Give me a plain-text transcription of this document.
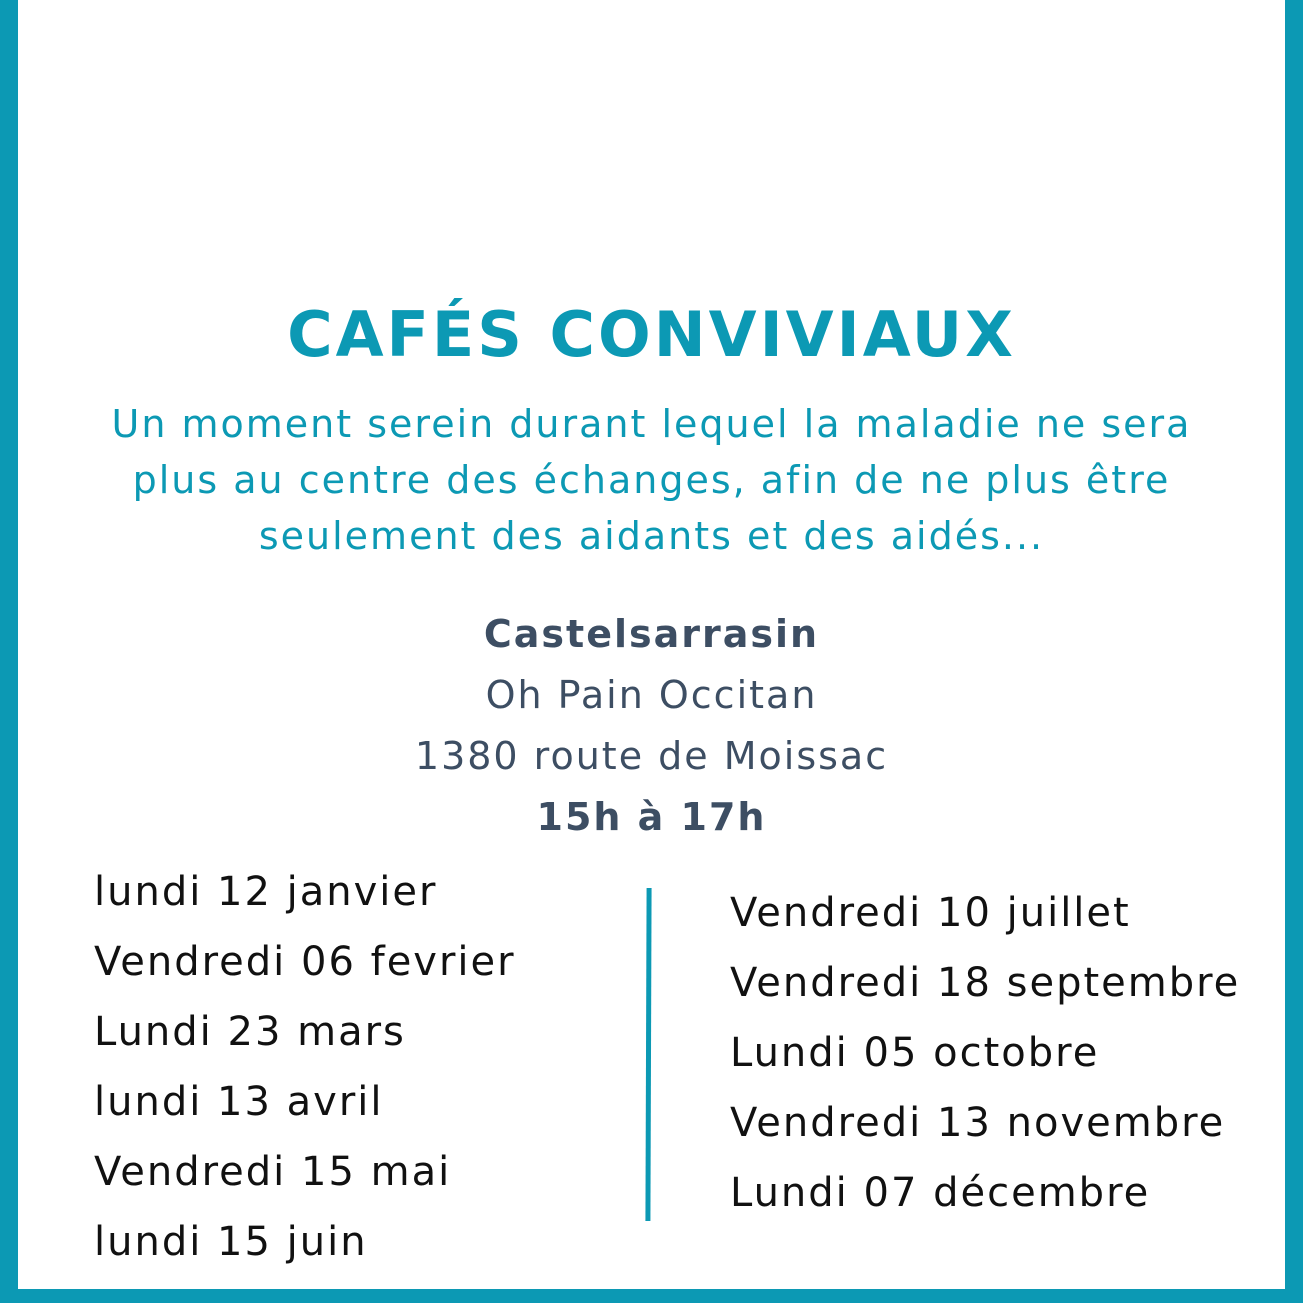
CAFÉS CONVIVIAUX
Un moment serein durant lequel la maladie ne sera
plus au centre des échanges, afin de ne plus être
seulement des aidants et des aidés...
Castelsarrasin
Oh Pain Occitan
1380 route de Moissac
15h à 17h
lundi 12 janvier
Vendredi 06 fevrier
Lundi 23 mars
lundi 13 avril
Vendredi 15 mai
lundi 15 juin
Vendredi 10 juillet
Vendredi 18 septembre
Lundi 05 octobre
Vendredi 13 novembre
Lundi 07 décembre
